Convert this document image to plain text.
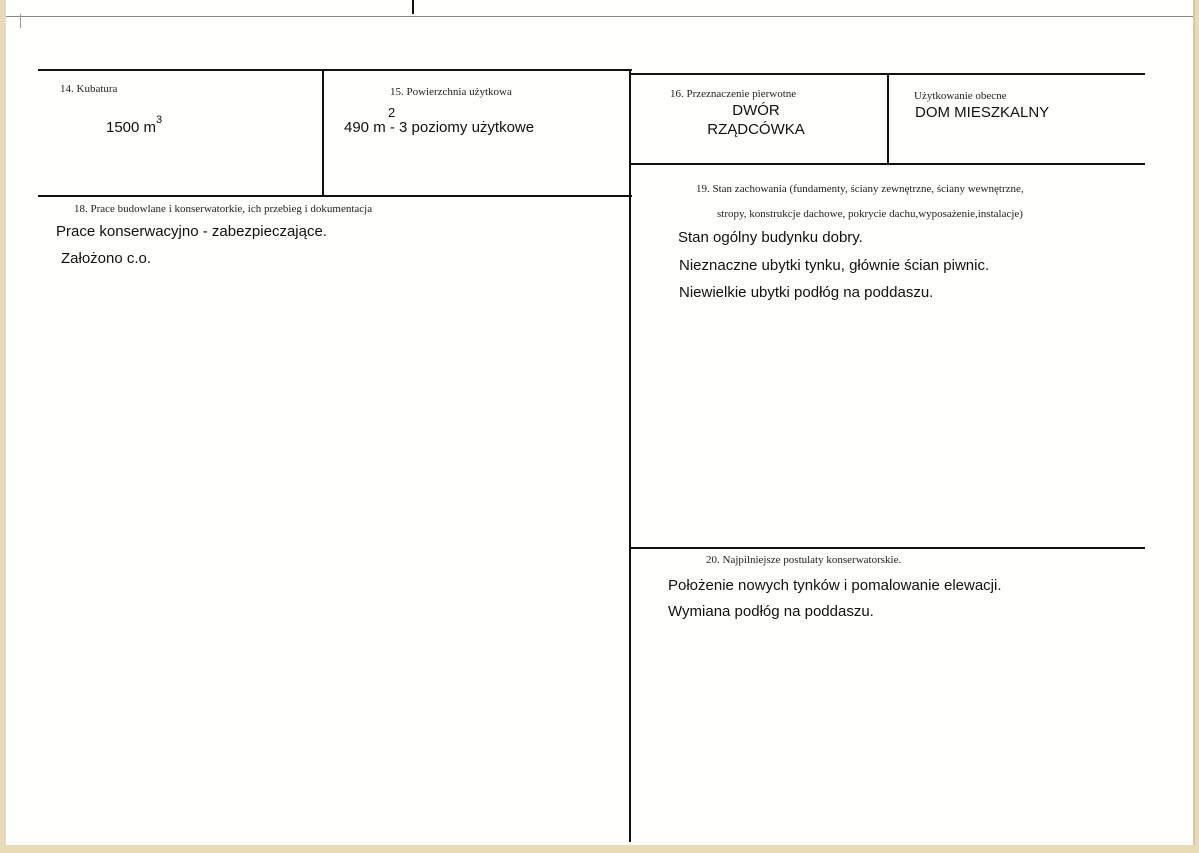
14. Kubatura
1500 $m^3$
15. Powierzchnia użytkowa
490 m
2
- 3 poziomy użytkowe
16. Przeznaczenie pierwotne
DWÓR
RZĄDCÓWKA
Użytkowanie obecne
DOM MIESZKALNY
18. Prace budowlane i konserwatorkie, ich przebieg i dokumentacja
Prace konserwacyjno - zabezpieczające.
Założono c.o.
19. Stan zachowania (fundamenty, ściany zewnętrzne, ściany wewnętrzne,
stropy, konstrukcje dachowe, pokrycie dachu,wyposażenie,instalacje)
Stan ogólny budynku dobry.
Nieznaczne ubytki tynku, głównie ścian piwnic.
Niewielkie ubytki podłóg na poddaszu.
20. Najpilniejsze postulaty konserwatorskie.
Położenie nowych tynków i pomalowanie elewacji.
Wymiana podłóg na poddaszu.
